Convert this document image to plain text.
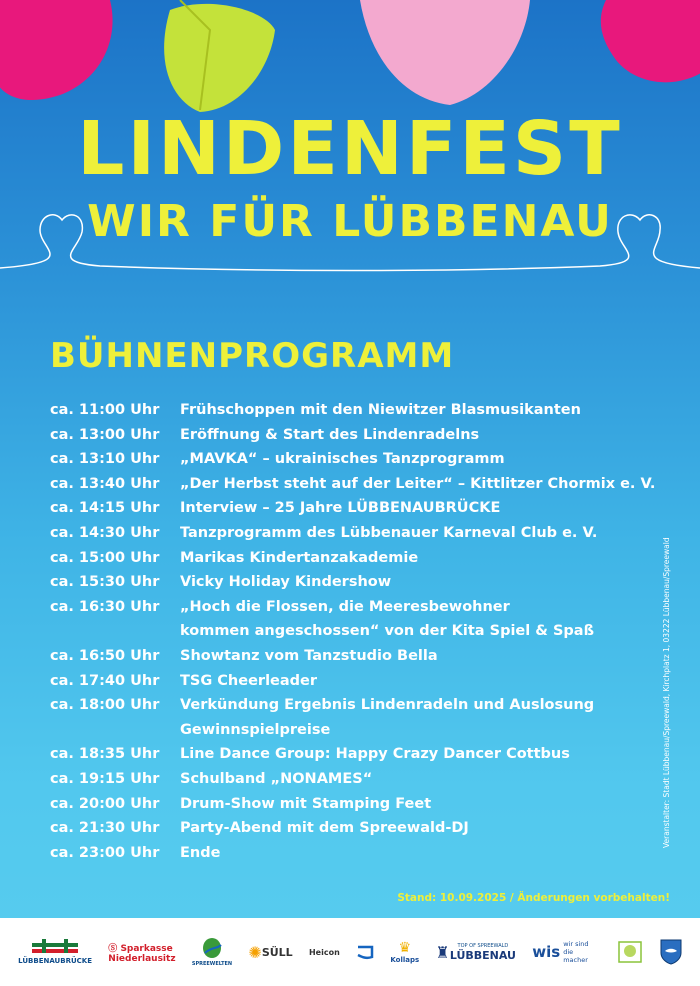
LINDENFEST
WIR FÜR LÜBBENAU
BÜHNENPROGRAMM
ca. 11:00 Uhr	Frühschoppen mit den Niewitzer Blasmusikanten
ca. 13:00 Uhr	Eröffnung & Start des Lindenradelns
ca. 13:10 Uhr	„MAVKA“ – ukrainisches Tanzprogramm
ca. 13:40 Uhr	„Der Herbst steht auf der Leiter“ – Kittlitzer Chormix e. V.
ca. 14:15 Uhr	Interview – 25 Jahre LÜBBENAUBRÜCKE
ca. 14:30 Uhr	Tanzprogramm des Lübbenauer Karneval Club e. V.
ca. 15:00 Uhr	Marikas Kindertanzakademie
ca. 15:30 Uhr	Vicky Holiday Kindershow
ca. 16:30 Uhr	„Hoch die Flossen, die Meeresbewohner
kommen angeschossen“ von der Kita Spiel & Spaß
ca. 16:50 Uhr	Showtanz vom Tanzstudio Bella
ca. 17:40 Uhr	TSG Cheerleader
ca. 18:00 Uhr	Verkündung Ergebnis Lindenradeln und Auslosung
Gewinnspielpreise
ca. 18:35 Uhr	Line Dance Group: Happy Crazy Dancer Cottbus
ca. 19:15 Uhr	Schulband „NONAMES“
ca. 20:00 Uhr	Drum-Show mit Stamping Feet
ca. 21:30 Uhr	Party-Abend mit dem Spreewald-DJ
ca. 23:00 Uhr	Ende
Veranstalter: Stadt Lübbenau/Spreewald, Kirchplatz 1, 03222 Lübbenau/Spreewald
Stand: 10.09.2025 / Änderungen vorbehalten!
LÜBBENAUBRÜCKE
Ⓢ Sparkasse
Niederlausitz
SPREEWELTEN
✺ SÜLL Heicon	♛
Kollaps ♜ TOP OF SPREEWALD
LÜBBENAU wis wir sind die macher
